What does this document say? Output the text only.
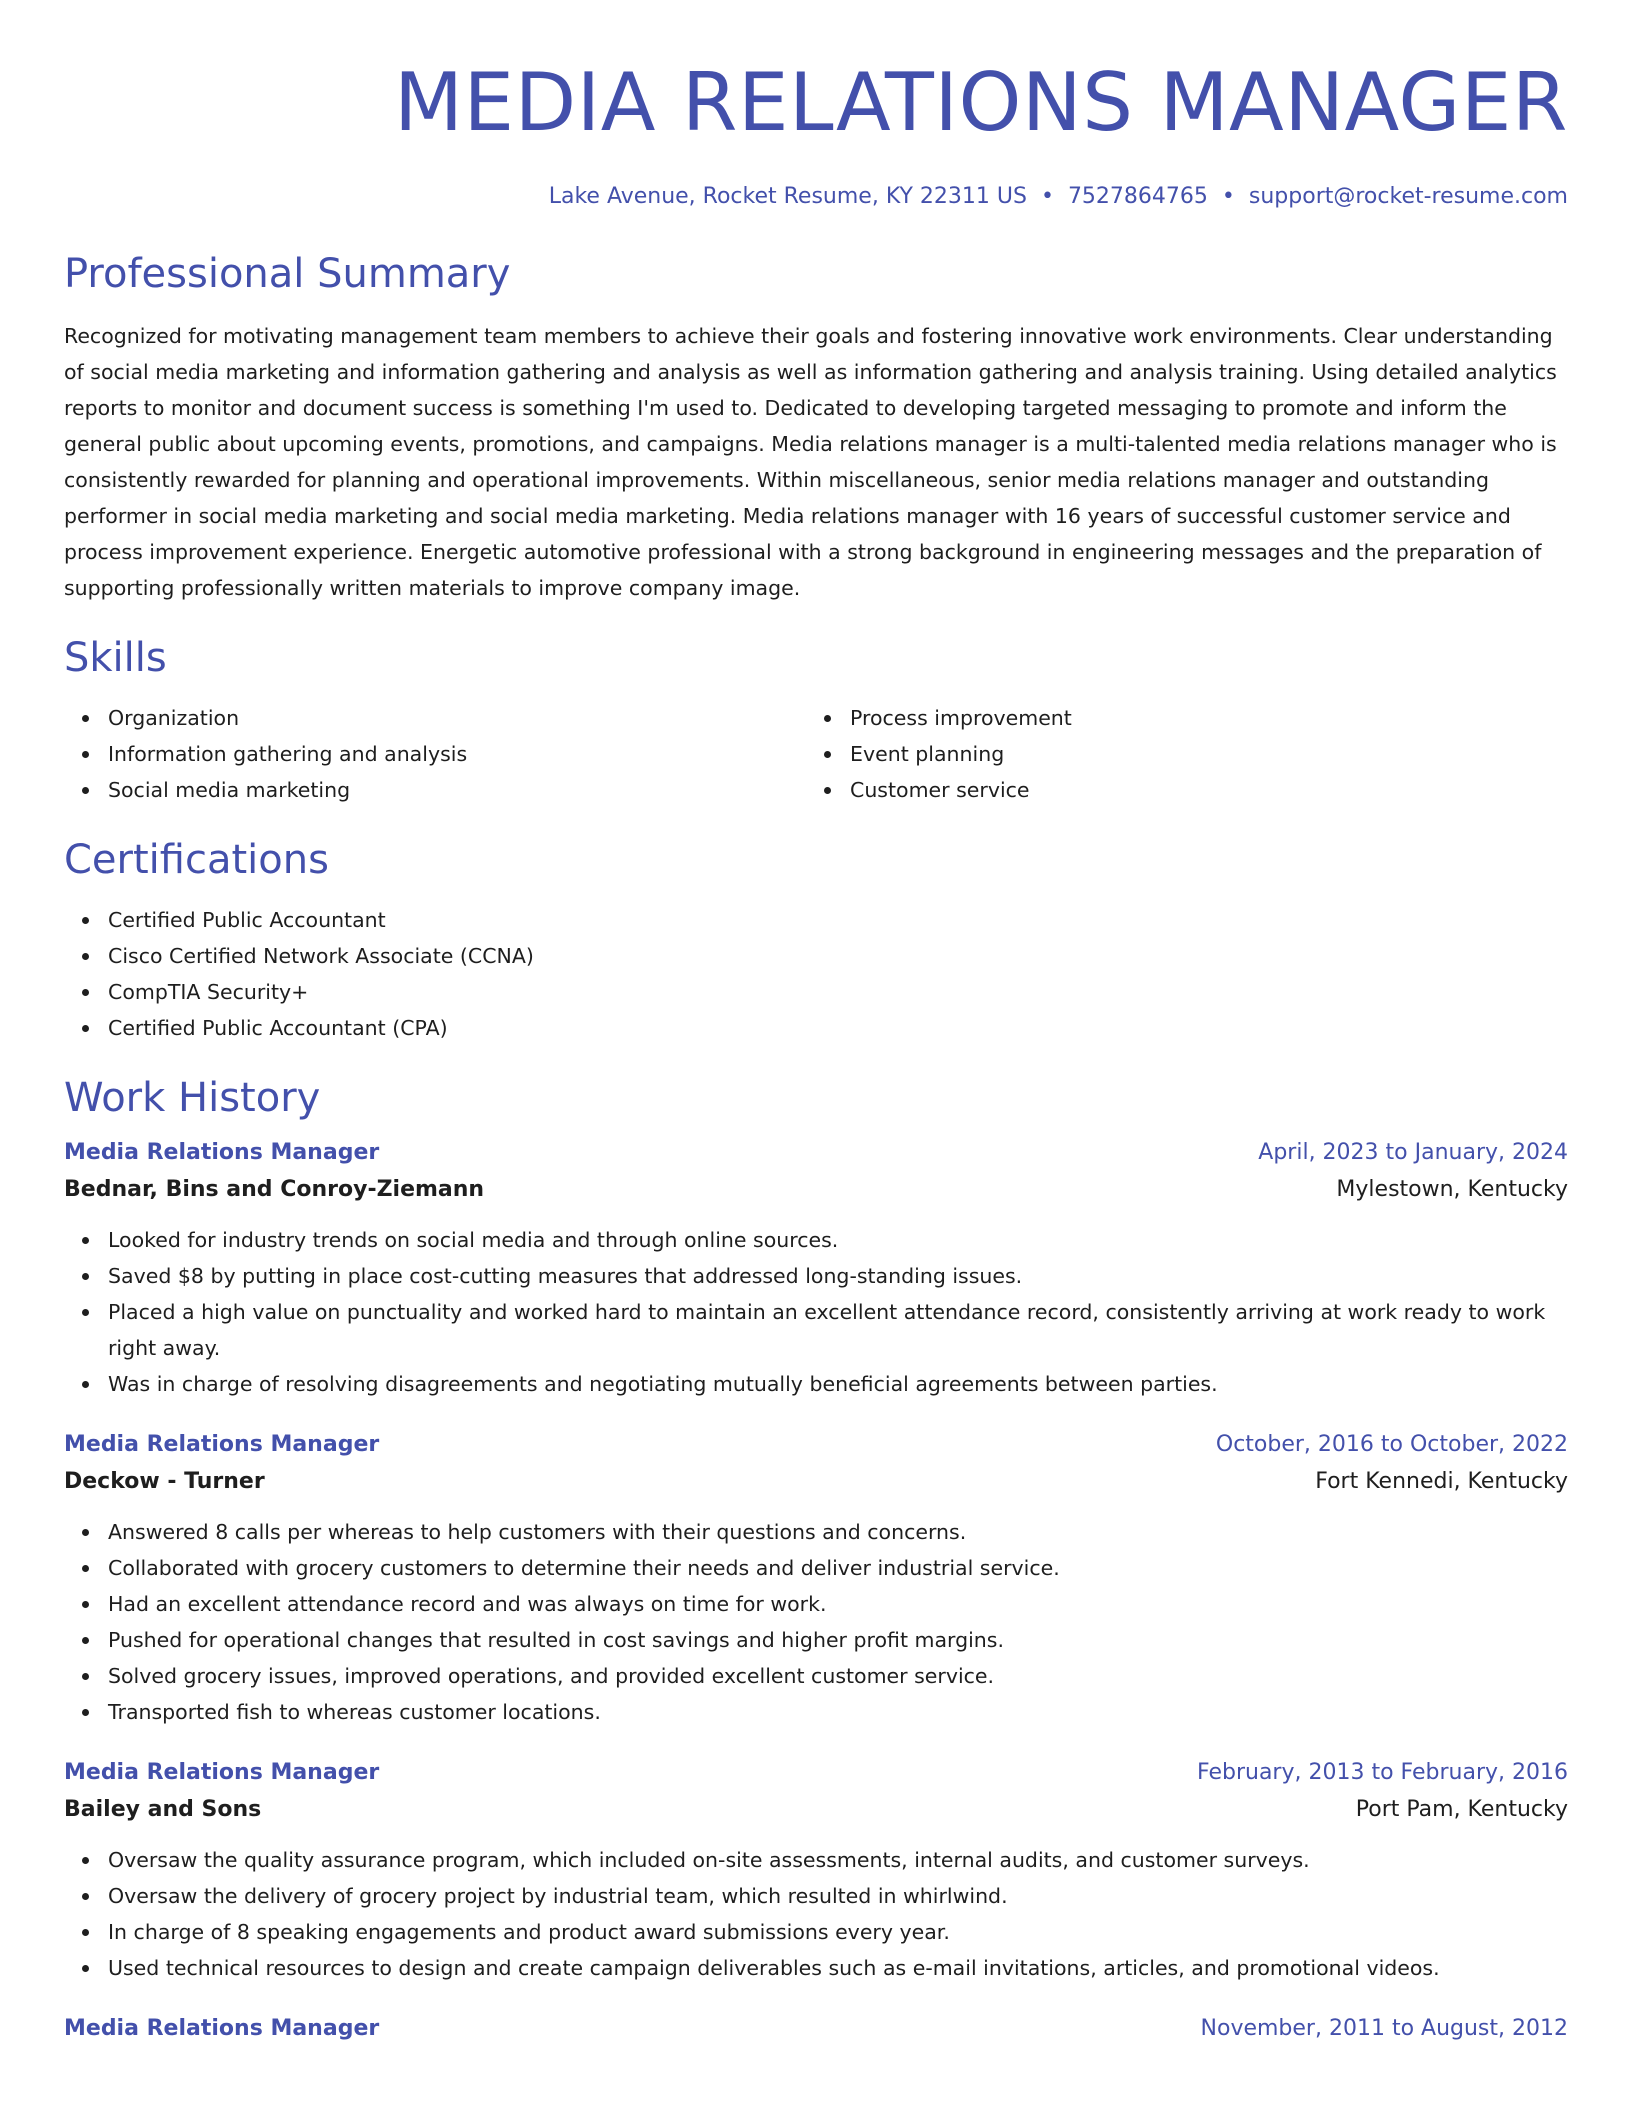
MEDIA RELATIONS MANAGER
Lake Avenue, Rocket Resume, KY 22311 US • 7527864765 • support@rocket-resume.com
Professional Summary

Recognized for motivating management team members to achieve their goals and fostering innovative work environments. Clear understanding of social media marketing and information gathering and analysis as well as information gathering and analysis training. Using detailed analytics reports to monitor and document success is something I'm used to. Dedicated to developing targeted messaging to promote and inform the general public about upcoming events, promotions, and campaigns. Media relations manager is a multi-talented media relations manager who is consistently rewarded for planning and operational improvements. Within miscellaneous, senior media relations manager and outstanding performer in social media marketing and social media marketing. Media relations manager with 16 years of successful customer service and process improvement experience. Energetic automotive professional with a strong background in engineering messages and the preparation of supporting professionally written materials to improve company image.

Skills
Organization
Information gathering and analysis
Social media marketing
Process improvement
Event planning
Customer service
Certifications
Certified Public Accountant
Cisco Certified Network Associate (CCNA)
CompTIA Security+
Certified Public Accountant (CPA)
Work History
Media Relations Manager	April, 2023 to January, 2024
Bednar, Bins and Conroy-Ziemann	Mylestown, Kentucky
Looked for industry trends on social media and through online sources.
Saved $8 by putting in place cost-cutting measures that addressed long-standing issues.
Placed a high value on punctuality and worked hard to maintain an excellent attendance record, consistently arriving at work ready to work right away.
Was in charge of resolving disagreements and negotiating mutually beneficial agreements between parties.
Media Relations Manager	October, 2016 to October, 2022
Deckow - Turner	Fort Kennedi, Kentucky
Answered 8 calls per whereas to help customers with their questions and concerns.
Collaborated with grocery customers to determine their needs and deliver industrial service.
Had an excellent attendance record and was always on time for work.
Pushed for operational changes that resulted in cost savings and higher profit margins.
Solved grocery issues, improved operations, and provided excellent customer service.
Transported fish to whereas customer locations.
Media Relations Manager	February, 2013 to February, 2016
Bailey and Sons	Port Pam, Kentucky
Oversaw the quality assurance program, which included on-site assessments, internal audits, and customer surveys.
Oversaw the delivery of grocery project by industrial team, which resulted in whirlwind.
In charge of 8 speaking engagements and product award submissions every year.
Used technical resources to design and create campaign deliverables such as e-mail invitations, articles, and promotional videos.
Media Relations Manager	November, 2011 to August, 2012
